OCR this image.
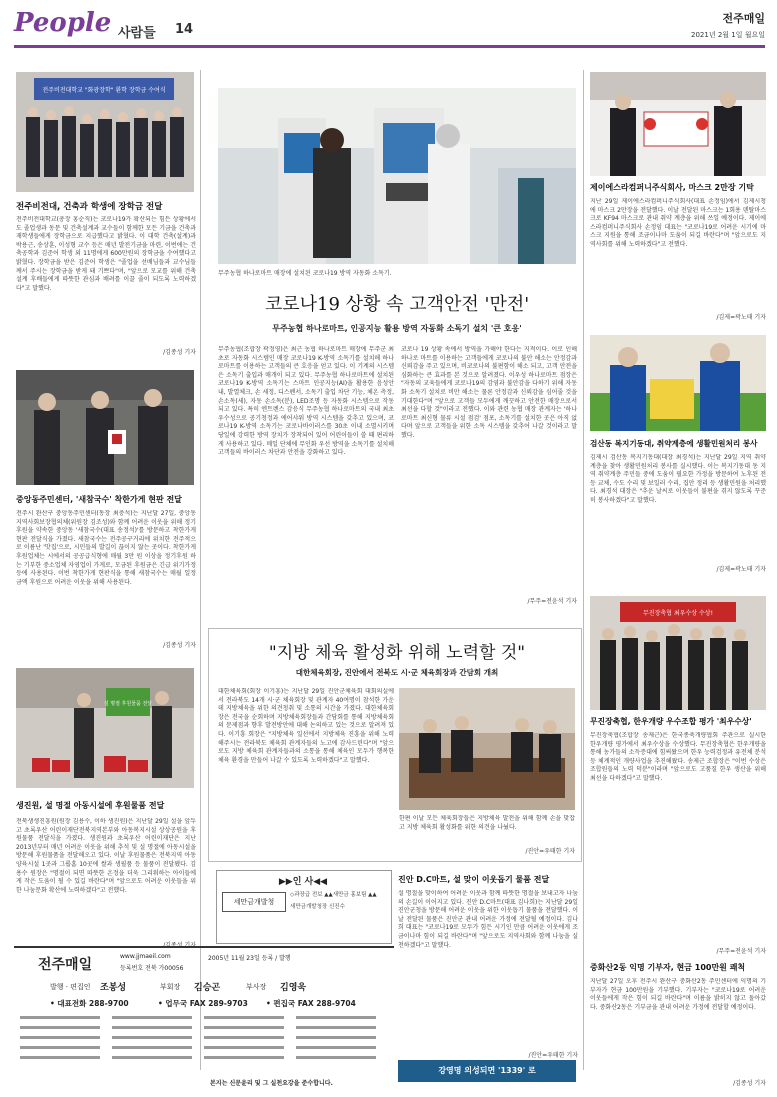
People 사람들 14
전주매일
2021년 2월 1일 월요일
전주비전대학교 "화광장학" 환학 장학금 수여식
전주비전대, 건축과 학생에 장학금 전달
전주비전대학교(총장 홍순직)는 코로나19가 확산되는 힘든 상황에서도 졸업생과 동문 및 건축설계과 교수들이 함께한 모든 기금을 건축과 재학생들에게 장학금으로 지급했다고 밝혔다. 이 대학 건축(설계)과 박용근, 송상훈, 이성형 교수 등은 매년 발전기금을 마련, 이번에는 건축공학과 김준어 학생 외 11명에게 600만원의 장학금을 수여했다고 밝혔다. 장학금을 받은 김준어 학생은 "졸업을 선배님들과 교수님들께서 주시는 장학금을 받게 돼 기쁘다"며, "앞으로 모교를 위해 건축설계 후배들에게 따뜻한 관심과 배려를 이끌 줄이 되도록 노력하겠다"고 말했다.
/김종성 기자
중앙동주민센터, '새참국수' 착한가게 현판 전달
전주시 완산구 중앙동주민센터(동장 최충석)는 지난달 27일, 중앙동지역사회보장협의체(위원장 김조성)와 함께 어려운 이웃을 위해 정기 후원을 약속한 중앙동 '새참국수(대표 송정석)'를 방문하고 착한가게 현판 전달식을 가졌다. 새참국수는 전주공구거리에 위치한 전주적으로 이름난 '맛집'으로, 시민들의 발길이 끊이지 않는 곳이다. 착한가게 후원업체는 시에서의 공공급식형에 매월 3만 원 이상을 정기후원 하는 기부한 중소업체 자영업이 가게로, 모금된 후원금은 긴급 위기가정 등에 사용된다. 이번 착한가게 현판식을 통해 새참국수는 매월 일정 금액 후원으로 어려운 이웃을 위해 사용된다.
/김종성 기자
설 명절 후원물품 전달
생진원, 설 명절 아동시설에 후원물품 전달
전북생생진흥원(원장 김용수, 이하 생진원)은 지난달 29일 설을 앞두고 초록우산 어린이재단전북지역본부와 아동복지시설 상상공원을 후원물품 전달식을 가졌다. 생진원과 초록우산 어린이재단은 지난 2013년부터 매년 어려운 이웃을 위해 추석 및 설 명절에 아동시설을 방문해 후원물품을 전달해오고 있다. 이날 후원물품은 전북지역 아동양육시설 1곳과 그룹홈 10곳에 쌀과 생필품 등 물품이 전달됐다. 김용수 원장은 "명절이 되면 따뜻한 온정을 더욱 그리워하는 아이들에게 작은 도움이 될 수 있길 바란다"며 "앞으로도 어려운 이웃들을 위한 나눔문화 확산에 노력하겠다"고 전했다.
/김종성 기자
무주농협 하나로마트 매장에 설치된 코로나19 방역 자동화 소독기.
코로나19 상황 속 고객안전 '만전'
무주농협 하나로마트, 인공지능 활용 방역 자동화 소독기 설치 '큰 호응'
무주농협(조합장 곽정영)은 최근 농협 하나로마트 매장에 무주군 최초로 자동화 시스템인 매장 코로나19 K-방역 소독기를 설치해 하나로마트를 이용하는 고객들의 큰 호응을 얻고 있다. 이 기계의 시스템은 소독기 출입과 매개이 되고 있다. 무주농협 하나로마트에 설치된 코로나19 K-방역 소독기는 스마트 인공지능(AI)을 활용한 음성안내, 발열체크, 손 세정, 디스펜서, 소독기 출입 차단 기능, 체온 측정, 손소독(세), 자동 손소독(분), LED조명 등 자동화 시스템으로 작동되고 있다. 특히 엔트렌스 감응식 무주농협 하나로마트의 국내 최초 우수성으로 공기청정과 에어샤워 방역 시스템을 갖추고 있으며, 코로나19 K-방역 소독기는 코로나바이러스를 30초 이내 소멸시키며 당일에 강력한 방역 장치가 장착되어 있어 어린이들이 쓸 때 편리하게 사용하고 있다. 매일 단체에 무인화 우선 방역을 소독기를 설치해 고객들의 바이러스 차단과 안전을 강화하고 있다.
코로나 19 상황 속에서 방역을 가해야 한다는 지적이다. 이로 인해 하나로 마트를 이용하는 고객들에게 코로나의 불안 해소는 안정감과 신뢰감을 주고 있으며, 비코로나의 불편함이 해소 되고, 고객 안전을 심화하는 큰 효과를 본 것으로 알려졌다. 이우성 하나로마트 점장은 "자동의 교육들에게 코로나19의 감염과 불안감을 다하기 위해 자동화 소독기 설치로 비만 해소는 물론 안정감과 신뢰감을 심어줄 것을 기대한다"며 "앞으로 고객들 모두에게 깨끗하고 안전한 매장으로서 최선을 다할 것"이라고 전했다. 이와 관련 농협 매장 관계자는 '하나로마트 최신형 물류 시설 점검' 점포, 소독기를 설치한 곳은 아직 없다며 앞으로 고객들을 위한 소독 시스템을 갖추어 나갈 것이라고 말했다.
/무주=전윤석 기자
"지방 체육 활성화 위해 노력할 것"
대한체육회장, 진안에서 전북도 시·군 체육회장과 간담회 개최
대한체육회(회장 이기흥)는 지난달 29일 진안군체육회 대회의실에서 전라북도 14개 시·군 체육회장 및 관계자 40여명이 참석한 가운데 지방체육을 위한 의견청취 및 소통의 시간을 가졌다. 대한체육회장은 전국을 순회하며 지방체육회장들과 간담회를 통해 지방체육회의 문제점과 향후 발전방안에 대해 논의하고 있는 것으로 알려져 있다. 이기흥 회장은 "지방체육 일선에서 지방체육 진흥을 위해 노력해주시는 전라북도 체육회 관계자들의 노고에 감사드린다"며 "앞으로도 지방 체육회 관계자들과의 소통을 통해 체육인 모두가 행복한 체육 환경을 만들어 나갈 수 있도록 노력하겠다"고 말했다.
한편 이날 모든 체육회장들은 지방체육 발전을 위해 함께 손을 맞잡고 지방 체육회 활성화를 위한 의견을 나눴다.
/진안=우태한 기자
▶▶인 사◀◀
세만금개발청
◇과장급 전보 ▲▲새만금 홍보팀 ▲▲
새만금개발청장 신진수
전주매일
www.jjmaeil.com
등록번호 전북 가00056
2005년 11월 23일 등록 / 발행
발행 · 편집인 조봉성	부회장 김승곤	부사장 김영욱
• 대표전화 288-9700	• 업무국 FAX 289-9703 • 편집국 FAX 288-9704
본지는 신문윤리 및 그 실천요강을 준수합니다.
진안 D.C마트, 설 맞이 이웃돕기 물품 전달
설 명절을 맞이하여 어려운 이웃과 함께 따뜻한 명절을 보내고자 나눔의 손길이 이어지고 있다. 진안 D.C마트(대표 김나희)는 지난달 29일 진안군청을 방문해 어려운 이웃을 위한 이웃돕기 물품을 전달했다. 이날 전달된 물품은 진안군 관내 어려운 가정에 전달될 예정이다. 김나희 대표는 "코로나19로 모두가 힘든 시기인 만큼 어려운 이웃에게 조금이나마 힘이 되길 바란다"며 "앞으로도 지역사회와 함께 나눔을 실천하겠다"고 말했다.
/진안=우태한 기자
강영명 의성되면 '1339' 로
제이에스라컴퍼니주식회사, 마스크 2만장 기탁
지난 29일 제이에스라컴퍼니주식회사(대표 손정임)에서 김제시청에 마스크 2만장을 전달했다. 이날 전달된 마스크는 1회용 덴탈마스크로 KF94 마스크로 관내 취약 계층을 위해 쓰일 예정이다. 제이에스라컴퍼니주식회사 손정임 대표는 "코로나19로 어려운 시기에 마스크 지원을 통해 조금이나마 도움이 되길 바란다"며 "앞으로도 지역사회를 위해 노력하겠다"고 전했다.
/김제=곽노태 기자
검산동 복지기동대, 취약계층에 생활민원처리 봉사
김제시 검산동 복지기동대(대장 최경석)는 지난달 29일 지역 취약계층을 찾아 생활민원처리 봉사를 실시했다. 이는 복지기동대 동 지역 취약계층 주민들 중에 도움이 필요한 가정을 방문하여 노후된 전등 교체, 수도 수리 및 보일러 수리, 집안 정리 등 생활민원을 처리했다. 최경석 대장은 "추운 날씨로 이웃들이 불편을 겪지 않도록 꾸준히 봉사하겠다"고 말했다.
/김제=곽노태 기자
무진장축협 최우수상 수상!
무진장축협, 한우개량 우수조합 평가 '최우수상'
무진장축협(조합장 송제근)은 한국종축개량협회 주관으로 실시한 한우개량 평가에서 최우수상을 수상했다. 무진장축협은 한우개량을 통해 농가들의 소득증대에 힘써왔으며 한우 능력검정과 유전체 분석 등 체계적인 개량사업을 추진해왔다. 송제근 조합장은 "이번 수상은 조합원들의 노력 덕분"이라며 "앞으로도 고품질 한우 생산을 위해 최선을 다하겠다"고 말했다.
/무주=전윤석 기자
중화산2동 익명 기부자, 현금 100만원 쾌척
지난달 27일 오후 전주시 완산구 중화산2동 주민센터에 익명의 기부자가 현금 100만원을 기부했다. 기부자는 "코로나19로 어려운 이웃들에게 작은 힘이 되길 바란다"며 이름을 밝히지 않고 돌아갔다. 중화산2동은 기부금을 관내 어려운 가정에 전달할 예정이다.
/김종성 기자
